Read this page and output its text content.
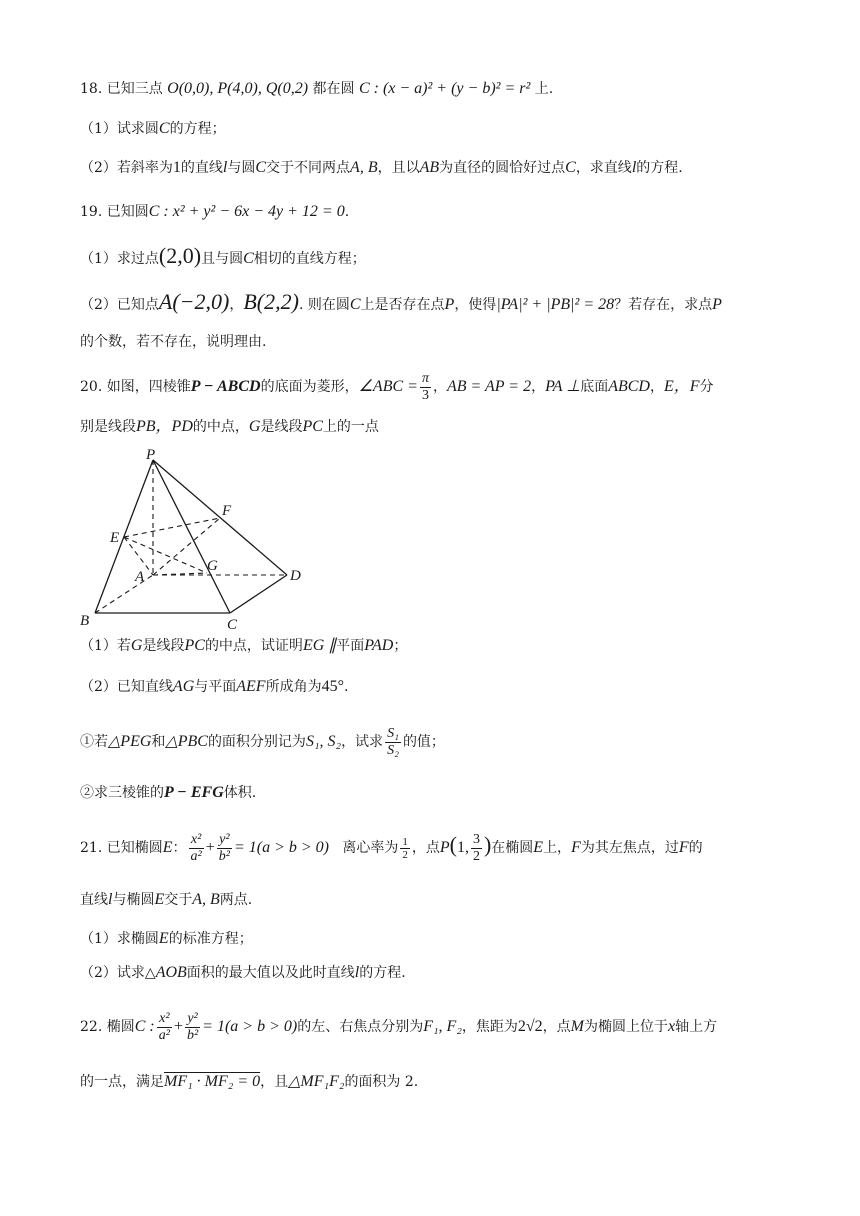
18. 已知三点 O(0,0), P(4,0), Q(0,2) 都在圆 C : (x − a)² + (y − b)² = r² 上.
（1）试求圆C的方程；
（2）若斜率为1的直线l与圆C交于不同两点A, B，且以AB为直径的圆恰好过点C，求直线l的方程.
19. 已知圆C : x² + y² − 6x − 4y + 12 = 0.
（1）求过点(2,0)且与圆C相切的直线方程；
（2）已知点A(−2,0)，B(2,2). 则在圆C上是否存在点P，使得|PA|² + |PB|² = 28？若存在，求点P
的个数，若不存在，说明理由.
20. 如图，四棱锥P − ABCD的底面为菱形，∠ABC = $\frac{\pi}{3}$ ，AB = AP = 2，PA ⊥底面ABCD，E，F分
别是线段PB，PD的中点，G是线段PC上的一点
P
E
F
A
G
D
B	C
（1）若G是线段PC的中点，试证明EG ∥平面PAD；
（2）已知直线AG与平面AEF所成角为45°.
①若△PEG和△PBC的面积分别记为S₁, S₂，试求 $\frac{\text{S₁}}{\text{S₂}}$ 的值；
②求三棱锥的P − EFG体积.
21. 已知椭圆E： $\frac{\text{x²}}{\text{a²}} + \frac{\text{y²}}{\text{b²}} = 1(a > b > 0)$ 离心率为 $\frac{1}{2}$ ，点P(1, $\frac{3}{2}$ )在椭圆E上，F为其左焦点，过F的
直线l与椭圆E交于A, B两点.
（1）求椭圆E的标准方程；
（2）试求△AOB面积的最大值以及此时直线l的方程.
22. 椭圆C : $\frac{\text{x²}}{\text{a²}} + \frac{\text{y²}}{\text{b²}} = 1(a > b > 0)$的左、右焦点分别为F₁, F₂，焦距为2√2，点M为椭圆上位于x轴上方
的一点，满足MF₁ · MF₂ = 0，且△MF₁F₂的面积为 2.
